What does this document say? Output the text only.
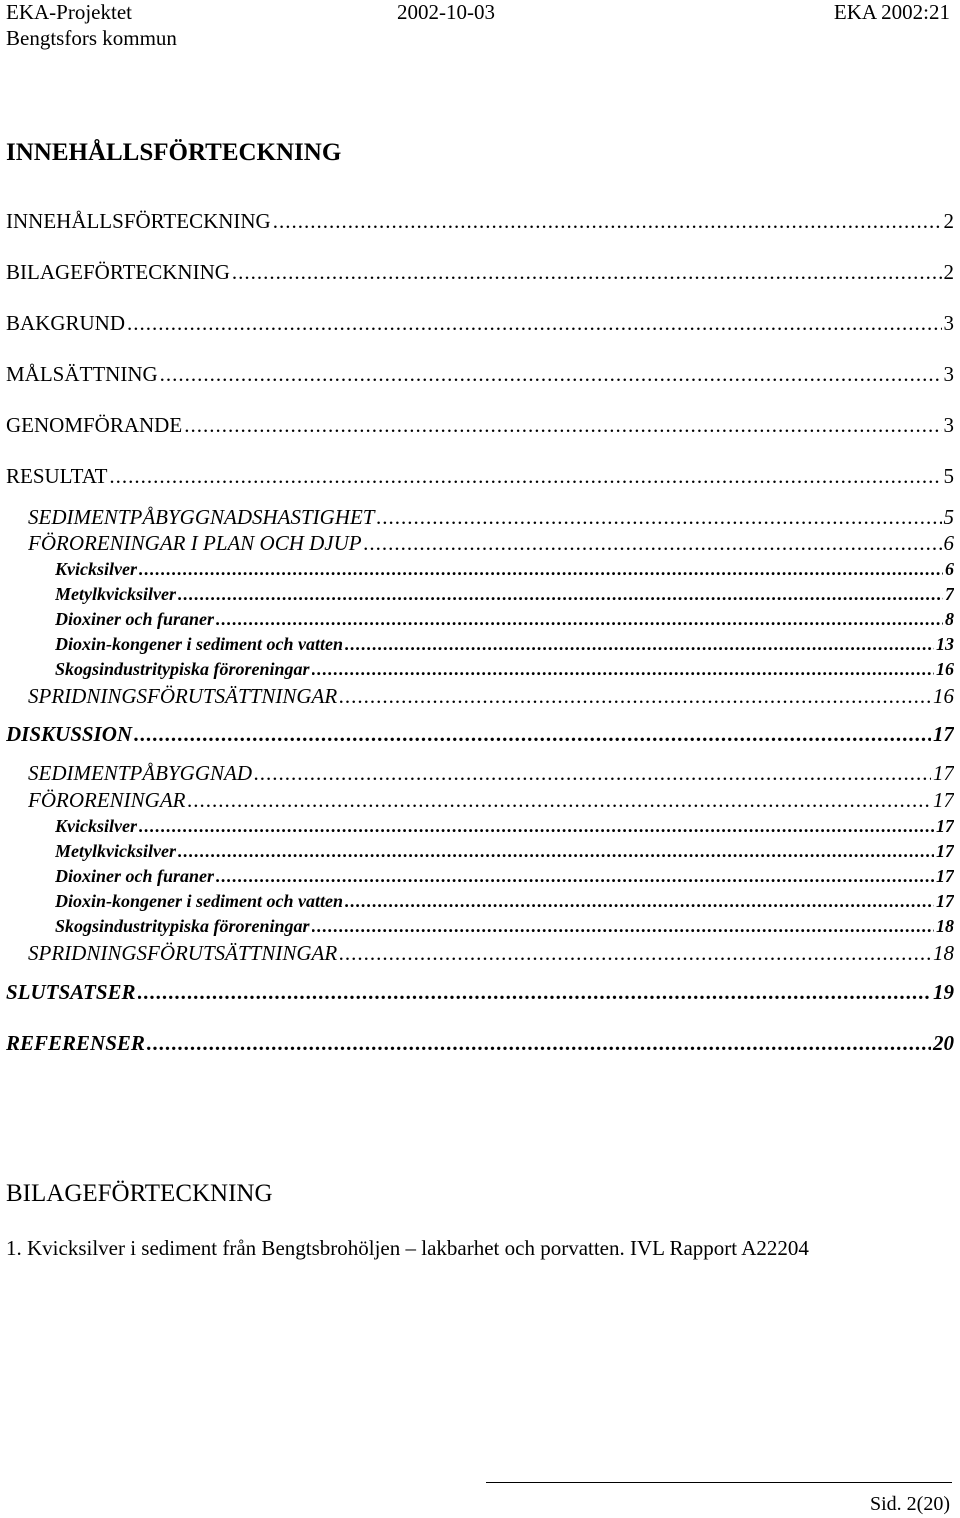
EKA-Projektet	2002-10-03	EKA 2002:21
Bengtsfors kommun
INNEHÅLLSFÖRTECKNING
INNEHÅLLSFÖRTECKNING .....	2
BILAGEFÖRTECKNING .....	2
BAKGRUND .....	3
MÅLSÄTTNING .....	3
GENOMFÖRANDE .....	3
RESULTAT .....	5
SEDIMENTPÅBYGGNADSHASTIGHET .....	5
FÖRORENINGAR I PLAN OCH DJUP .....	6
Kvicksilver .....	6
Metylkvicksilver .....	7
Dioxiner och furaner .....	8
Dioxin-kongener i sediment och vatten .....	13
Skogsindustritypiska föroreningar .....	16
SPRIDNINGSFÖRUTSÄTTNINGAR .....	16
DISKUSSION .....	17
SEDIMENTPÅBYGGNAD .....	17
FÖRORENINGAR .....	17
Kvicksilver .....	17
Metylkvicksilver .....	17
Dioxiner och furaner .....	17
Dioxin-kongener i sediment och vatten .....	17
Skogsindustritypiska föroreningar .....	18
SPRIDNINGSFÖRUTSÄTTNINGAR .....	18
SLUTSATSER .....	19
REFERENSER .....	20
BILAGEFÖRTECKNING
1. Kvicksilver i sediment från Bengtsbrohöljen – lakbarhet och porvatten. IVL Rapport A22204
Sid. 2(20)
